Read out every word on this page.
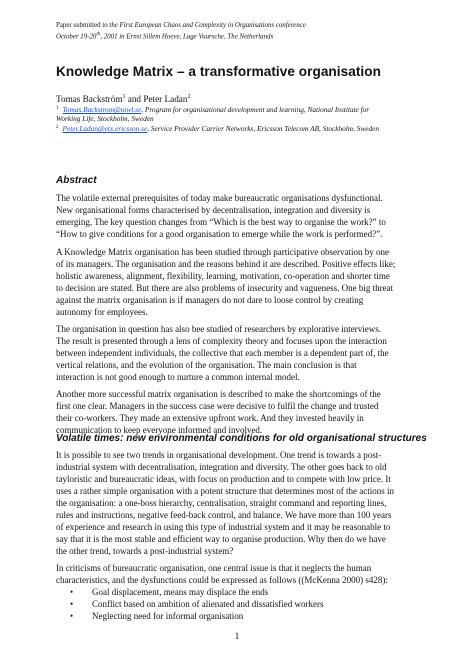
Paper submitted to the First European Chaos and Complexity in Organisations conference
October 19-20th, 2001 in Ernst Sillem Hoeve, Lage Vuursche, The Netherlands
Knowledge Matrix – a transformative organisation
Tomas Backström$^1$ and Peter Ladan$^2$
$^1$ Tomas.Backstrom@niwl.se, Program for organisational development and learning, National Institute for
Working Life, Stockholm, Sweden
$^2$ Peter.Ladan@etx.ericsson.se, Service Provider Carrier Networks, Ericsson Telecom AB, Stockholm, Sweden
Abstract
The volatile external prerequisites of today make bureaucratic organisations dysfunctional.
New organisational forms characterised by decentralisation, integration and diversity is
emerging. The key question changes from “Which is the best way to organise the work?” to
“How to give conditions for a good organisation to emerge while the work is performed?”.
A Knowledge Matrix organisation has been studied through participative observation by one
of its managers. The organisation and the reasons behind it are described. Positive effects like;
holistic awareness, alignment, flexibility, learning, motivation, co-operation and shorter time
to decision are stated. But there are also problems of insecurity and vagueness. One big threat
against the matrix organisation is if managers do not dare to loose control by creating
autonomy for employees.
The organisation in question has also bee studied of researchers by explorative interviews.
The result is presented through a lens of complexity theory and focuses upon the interaction
between independent individuals, the collective that each member is a dependent part of, the
vertical relations, and the evolution of the organisation. The main conclusion is that
interaction is not good enough to nurture a common internal model.
Another more successful matrix organisation is described to make the shortcomings of the
first one clear. Managers in the success case were decisive to fulfil the change and trusted
their co-workers. They made an extensive upfront work. And they invested heavily in
communication to keep everyone informed and involved.
Volatile times: new environmental conditions for old organisational structures
It is possible to see two trends in organisational development. One trend is towards a post-
industrial system with decentralisation, integration and diversity. The other goes back to old
tayloristic and bureaucratic ideas, with focus on production and to compete with low price. It
uses a rather simple organisation with a potent structure that determines most of the actions in
the organisation: a one-boss hierarchy, centralisation, straight command and reporting lines,
rules and instructions, negative feed-back control, and balance. We have more than 100 years
of experience and research in using this type of industrial system and it may be reasonable to
say that it is the most stable and efficient way to organise production. Why then do we have
the other trend, towards a post-industrial system?
In criticisms of bureaucratic organisation, one central issue is that it neglects the human
characteristics, and the dysfunctions could be expressed as follows ((McKenna 2000) s428):
• Goal displacement, means may displace the ends
• Conflict based on ambition of alienated and dissatisfied workers
• Neglecting need for informal organisation
1
